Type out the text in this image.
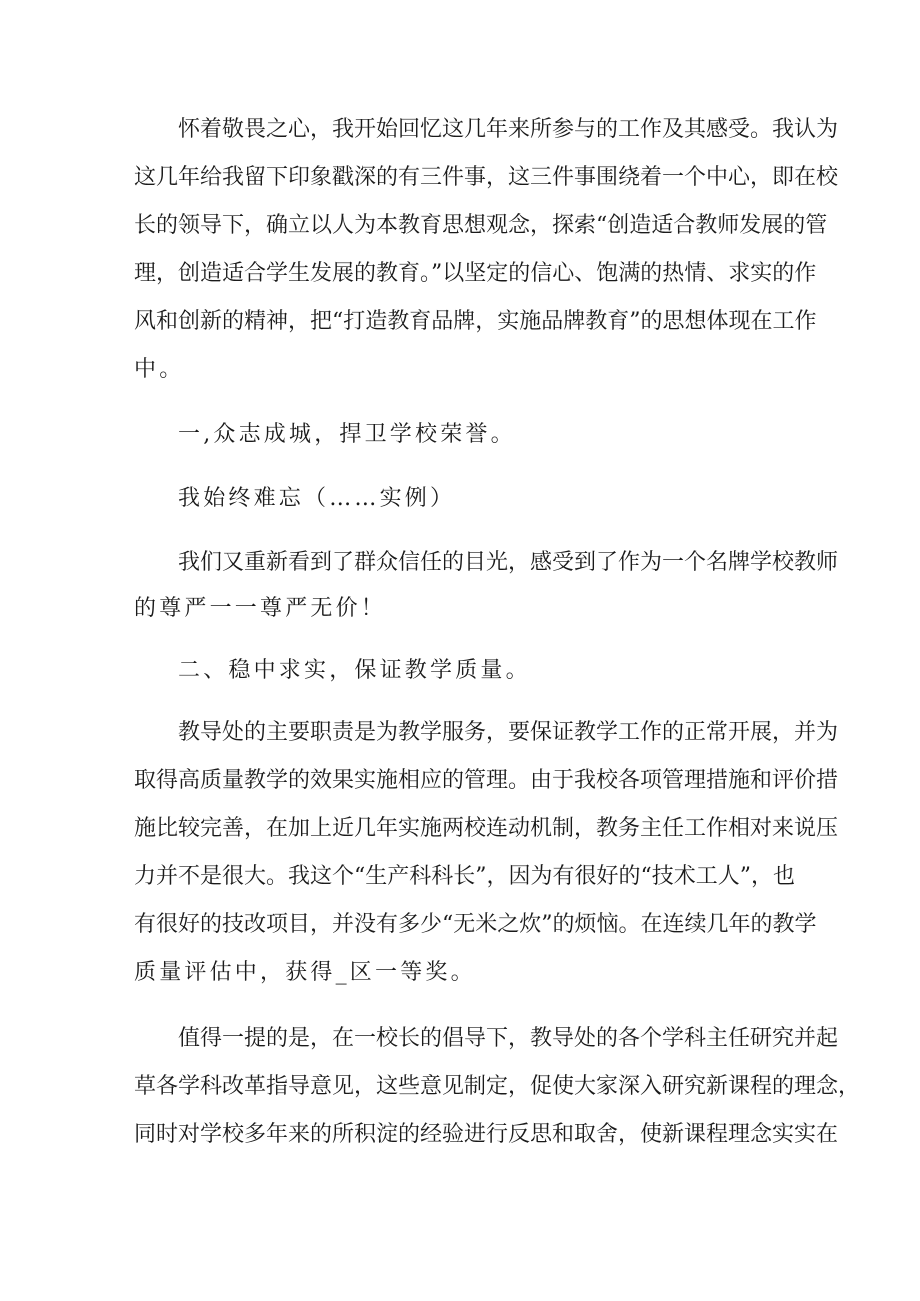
怀着敬畏之心，我开始回忆这几年来所参与的工作及其感受。我认为
这几年给我留下印象戳深的有三件事，这三件事围绕着一个中心，即在校
长的领导下，确立以人为本教育思想观念，探索“创造适合教师发展的管
理，创造适合学生发展的教育。”以坚定的信心、饱满的热情、求实的作
风和创新的精神，把“打造教育品牌，实施品牌教育”的思想体现在工作
中。
一,众志成城，捍卫学校荣誉。
我始终难忘（……实例）
我们又重新看到了群众信任的目光，感受到了作为一个名牌学校教师
的尊严一一尊严无价！
二、稳中求实，保证教学质量。
教导处的主要职责是为教学服务，要保证教学工作的正常开展，并为
取得高质量教学的效果实施相应的管理。由于我校各项管理措施和评价措
施比较完善，在加上近几年实施两校连动机制，教务主任工作相对来说压
力并不是很大。我这个“生产科科长”，因为有很好的“技术工人”，也
有很好的技改项目，并没有多少“无米之炊”的烦恼。在连续几年的教学
质量评估中，获得_区一等奖。
值得一提的是，在一校长的倡导下，教导处的各个学科主任研究并起
草各学科改革指导意见，这些意见制定，促使大家深入研究新课程的理念，
同时对学校多年来的所积淀的经验进行反思和取舍，使新课程理念实实在
